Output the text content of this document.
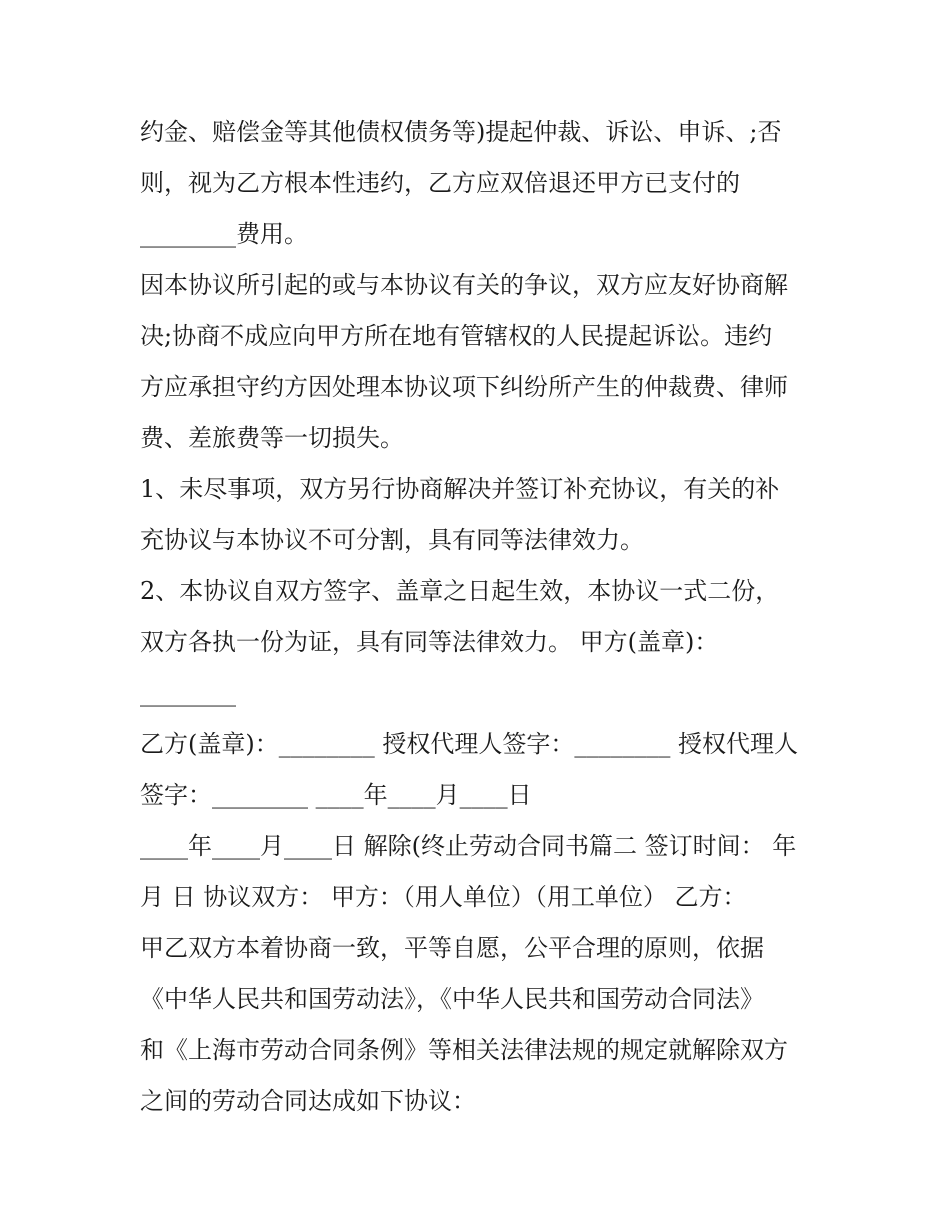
约金、赔偿金等其他债权债务等)提起仲裁、诉讼、申诉、;否
则，视为乙方根本性违约，乙方应双倍退还甲方已支付的
________费用。
因本协议所引起的或与本协议有关的争议，双方应友好协商解
决;协商不成应向甲方所在地有管辖权的人民提起诉讼。违约
方应承担守约方因处理本协议项下纠纷所产生的仲裁费、律师
费、差旅费等一切损失。
1、未尽事项，双方另行协商解决并签订补充协议，有关的补
充协议与本协议不可分割，具有同等法律效力。
2、本协议自双方签字、盖章之日起生效，本协议一式二份，
双方各执一份为证，具有同等法律效力。 甲方(盖章)：
________
乙方(盖章)：________ 授权代理人签字：________ 授权代理人
签字：________ ____年____月____日
____年____月____日 解除(终止劳动合同书篇二 签订时间： 年
月 日 协议双方： 甲方：（用人单位）（用工单位） 乙方：
甲乙双方本着协商一致，平等自愿，公平合理的原则，依据
《中华人民共和国劳动法》，《中华人民共和国劳动合同法》
和《上海市劳动合同条例》等相关法律法规的规定就解除双方
之间的劳动合同达成如下协议：
